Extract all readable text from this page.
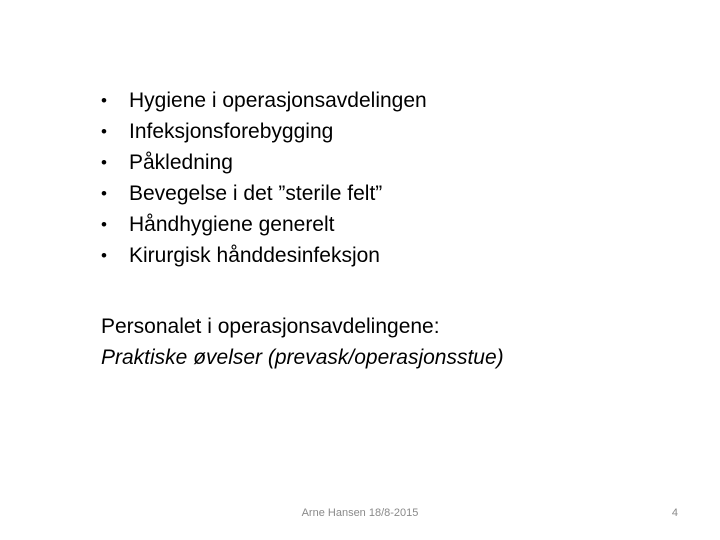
•	Hygiene i operasjonsavdelingen
•	Infeksjonsforebygging
•	Påkledning
•	Bevegelse i det ”sterile felt”
•	Håndhygiene generelt
•	Kirurgisk hånddesinfeksjon
Personalet i operasjonsavdelingene:
Praktiske øvelser (prevask/operasjonsstue)
Arne Hansen 18/8-2015	4
